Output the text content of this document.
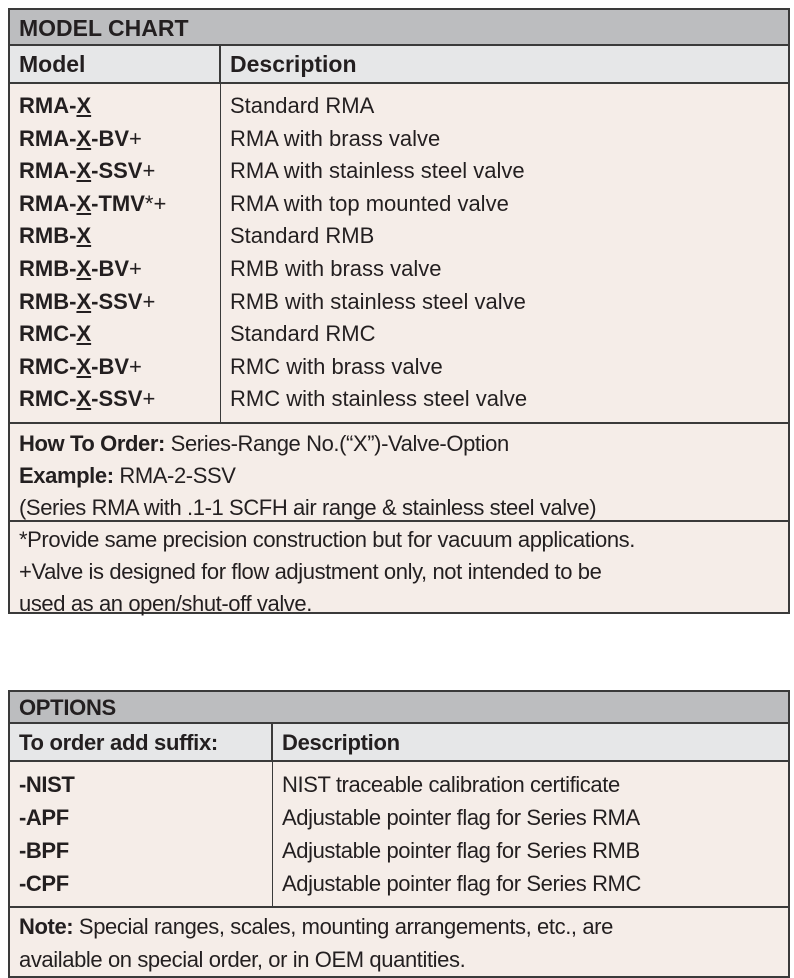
MODEL CHART
Model	Description
RMA-X
RMA-X-BV+
RMA-X-SSV+
RMA-X-TMV*+
RMB-X
RMB-X-BV+
RMB-X-SSV+
RMC-X
RMC-X-BV+
RMC-X-SSV+
Standard RMA
RMA with brass valve
RMA with stainless steel valve
RMA with top mounted valve
Standard RMB
RMB with brass valve
RMB with stainless steel valve
Standard RMC
RMC with brass valve
RMC with stainless steel valve
How To Order: Series-Range No.(“X”)-Valve-Option
Example: RMA-2-SSV
(Series RMA with .1-1 SCFH air range & stainless steel valve)
*Provide same precision construction but for vacuum applications.
+Valve is designed for flow adjustment only, not intended to be
used as an open/shut-off valve.
OPTIONS
To order add suffix:	Description
-NIST
-APF
-BPF
-CPF
NIST traceable calibration certificate
Adjustable pointer flag for Series RMA
Adjustable pointer flag for Series RMB
Adjustable pointer flag for Series RMC
Note: Special ranges, scales, mounting arrangements, etc., are
available on special order, or in OEM quantities.
